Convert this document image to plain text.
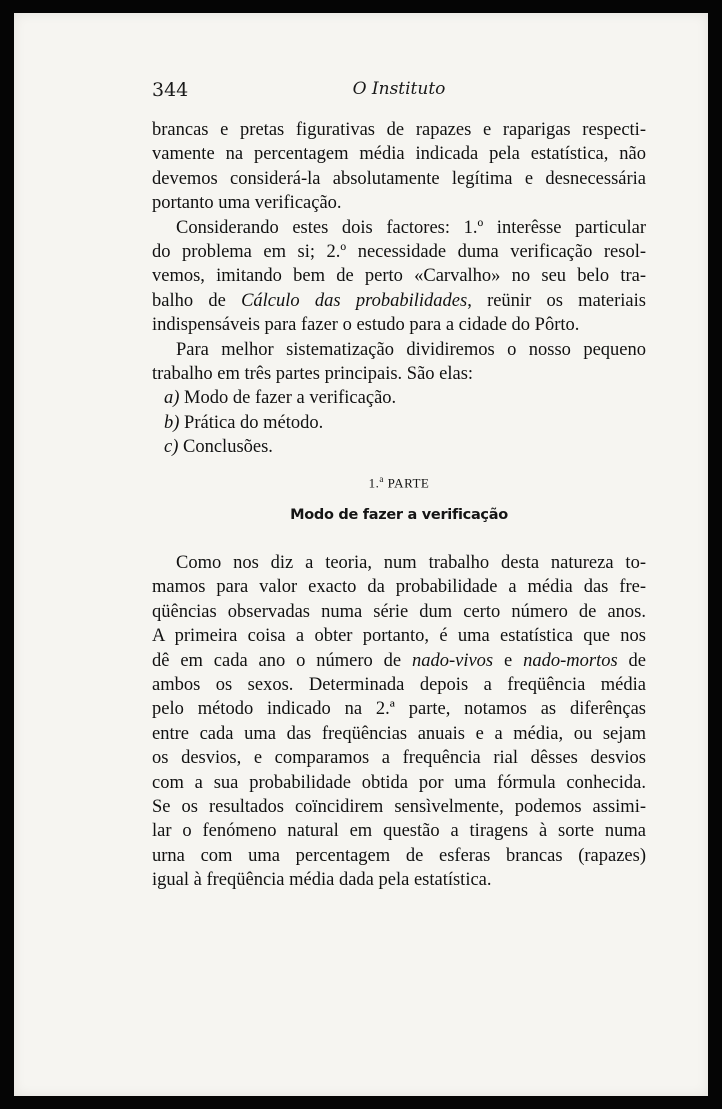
344	O Instituto

brancas e pretas figurativas de rapazes e raparigas respecti-
vamente na percentagem média indicada pela estatística, não
devemos considerá-la absolutamente legítima e desnecessária
portanto uma verificação.

Considerando estes dois factores: 1.º interêsse particular
do problema em si; 2.º necessidade duma verificação resol-
vemos, imitando bem de perto «Carvalho» no seu belo tra-
balho de Cálculo das probabilidades, reünir os materiais
indispensáveis para fazer o estudo para a cidade do Pôrto.

Para melhor sistematização dividiremos o nosso pequeno
trabalho em três partes principais. São elas:

a) Modo de fazer a verificação.
b) Prática do método.
c) Conclusões.
1.$^a$ PARTE
Modo de fazer a verificação

Como nos diz a teoria, num trabalho desta natureza to-
mamos para valor exacto da probabilidade a média das fre-
qüências observadas numa série dum certo número de anos.
A primeira coisa a obter portanto, é uma estatística que nos
dê em cada ano o número de nado-vivos e nado-mortos de
ambos os sexos. Determinada depois a freqüência média
pelo método indicado na 2.ª parte, notamos as diferênças
entre cada uma das freqüências anuais e a média, ou sejam
os desvios, e comparamos a frequência rial dêsses desvios
com a sua probabilidade obtida por uma fórmula conhecida.
Se os resultados coïncidirem sensìvelmente, podemos assimi-
lar o fenómeno natural em questão a tiragens à sorte numa
urna com uma percentagem de esferas brancas (rapazes)
igual à freqüência média dada pela estatística.
